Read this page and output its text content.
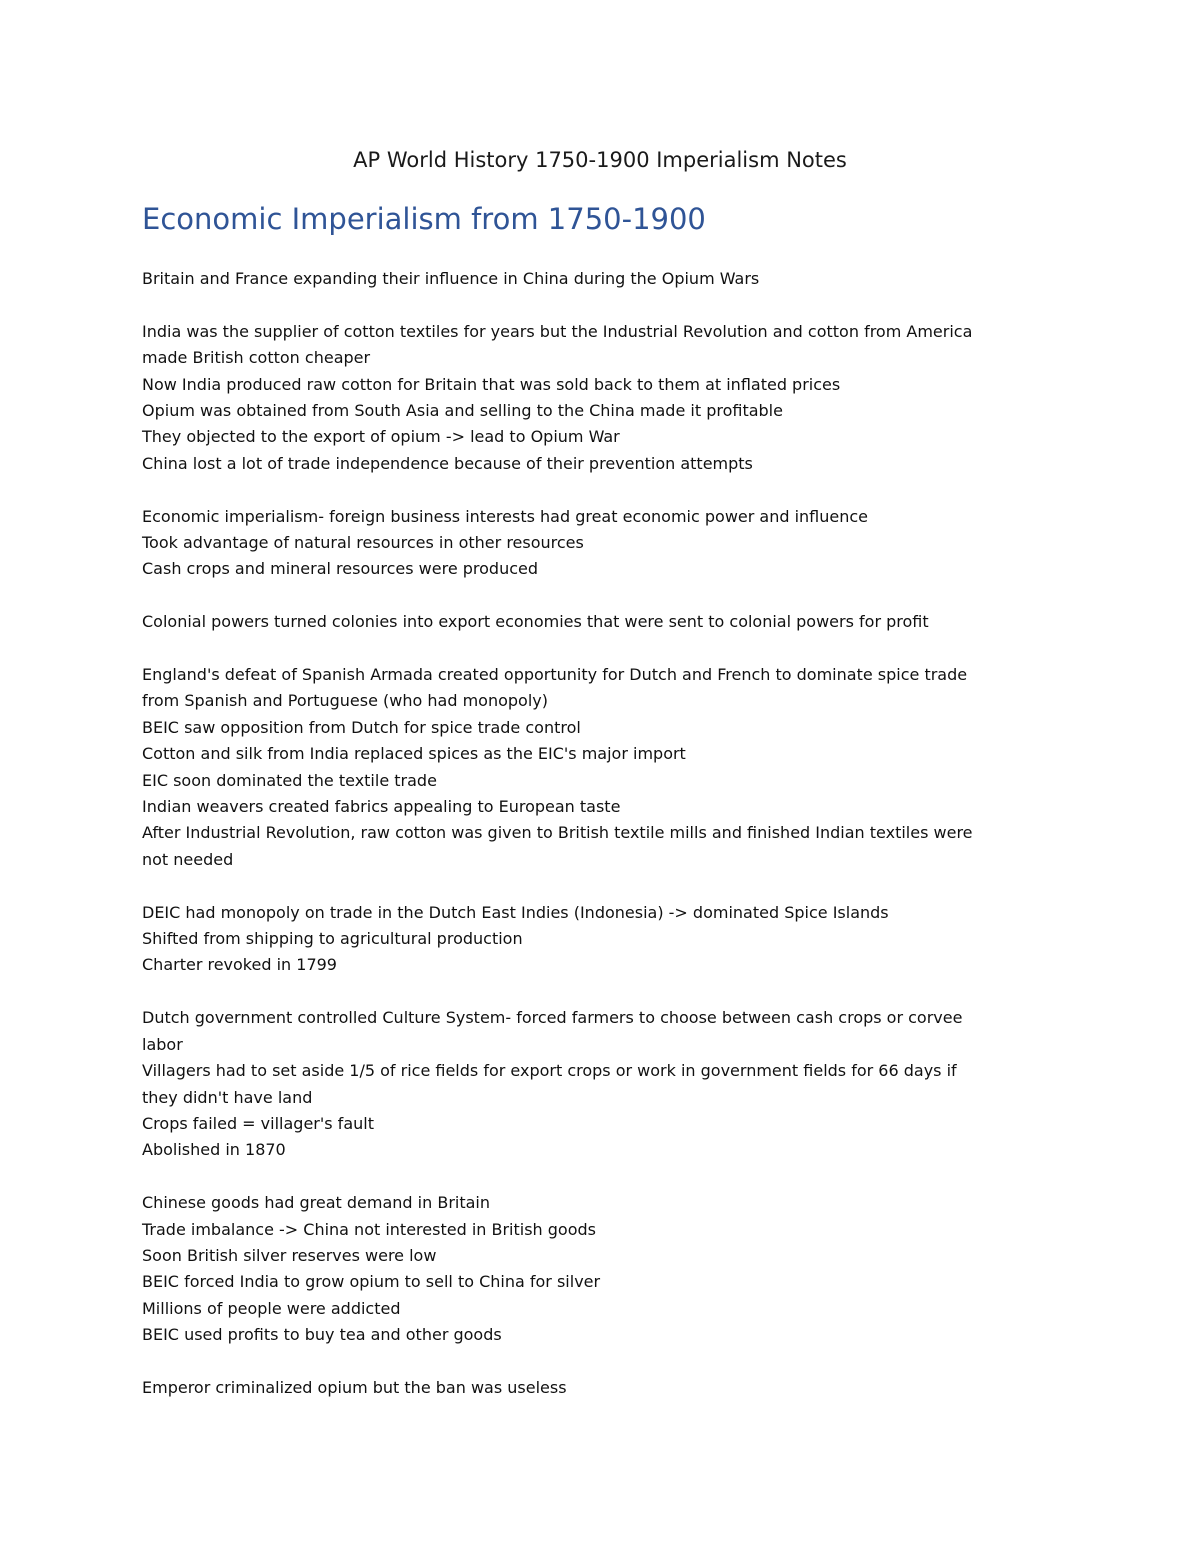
AP World History 1750-1900 Imperialism Notes
Economic Imperialism from 1750-1900
Britain and France expanding their influence in China during the Opium Wars
India was the supplier of cotton textiles for years but the Industrial Revolution and cotton from America
made British cotton cheaper
Now India produced raw cotton for Britain that was sold back to them at inflated prices
Opium was obtained from South Asia and selling to the China made it profitable
They objected to the export of opium -> lead to Opium War
China lost a lot of trade independence because of their prevention attempts
Economic imperialism- foreign business interests had great economic power and influence
Took advantage of natural resources in other resources
Cash crops and mineral resources were produced
Colonial powers turned colonies into export economies that were sent to colonial powers for profit
England's defeat of Spanish Armada created opportunity for Dutch and French to dominate spice trade
from Spanish and Portuguese (who had monopoly)
BEIC saw opposition from Dutch for spice trade control
Cotton and silk from India replaced spices as the EIC's major import
EIC soon dominated the textile trade
Indian weavers created fabrics appealing to European taste
After Industrial Revolution, raw cotton was given to British textile mills and finished Indian textiles were
not needed
DEIC had monopoly on trade in the Dutch East Indies (Indonesia) -> dominated Spice Islands
Shifted from shipping to agricultural production
Charter revoked in 1799
Dutch government controlled Culture System- forced farmers to choose between cash crops or corvee
labor
Villagers had to set aside 1/5 of rice fields for export crops or work in government fields for 66 days if
they didn't have land
Crops failed = villager's fault
Abolished in 1870
Chinese goods had great demand in Britain
Trade imbalance -> China not interested in British goods
Soon British silver reserves were low
BEIC forced India to grow opium to sell to China for silver
Millions of people were addicted
BEIC used profits to buy tea and other goods
Emperor criminalized opium but the ban was useless
